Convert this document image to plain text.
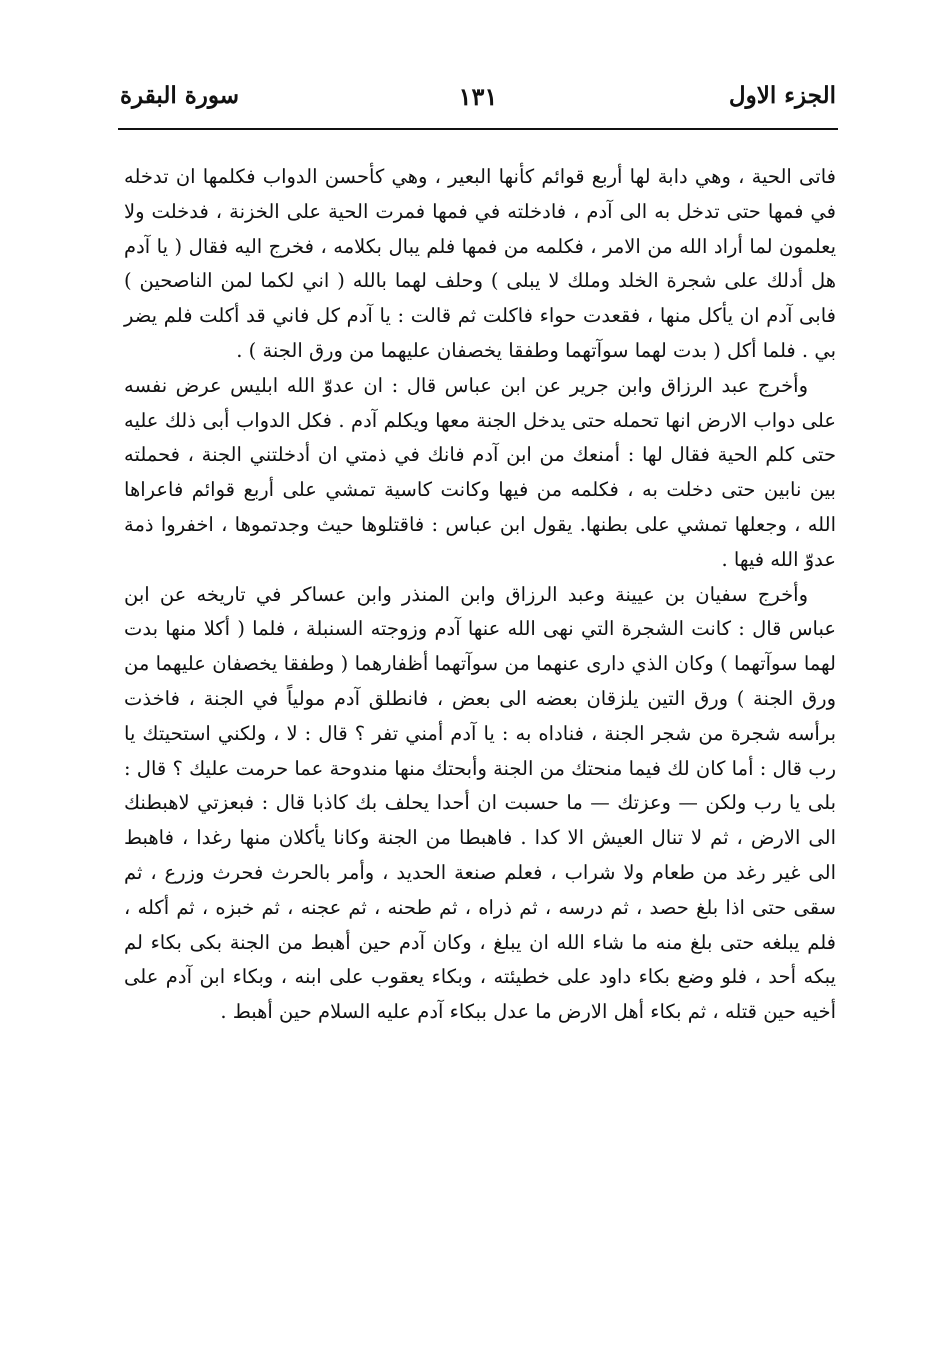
الجزء الاول
١٣١
سورة البقرة

فاتى الحية ، وهي دابة لها أربع قوائم كأنها البعير ، وهي كأحسن الدواب فكلمها ان تدخله في فمها حتى تدخل به الى آدم ، فادخلته في فمها فمرت الحية على الخزنة ، فدخلت ولا يعلمون لما أراد الله من الامر ، فكلمه من فمها فلم يبال بكلامه ، فخرج اليه فقال ( يا آدم هل أدلك على شجرة الخلد وملك لا يبلى ) وحلف لهما بالله ( اني لكما لمن الناصحين ) فابى آدم ان يأكل منها ، فقعدت حواء فاكلت ثم قالت : يا آدم كل فاني قد أكلت فلم يضر بي . فلما أكل ( بدت لهما سوآتهما وطفقا يخصفان عليهما من ورق الجنة ) .

وأخرج عبد الرزاق وابن جرير عن ابن عباس قال : ان عدوّ الله ابليس عرض نفسه على دواب الارض انها تحمله حتى يدخل الجنة معها ويكلم آدم . فكل الدواب أبى ذلك عليه حتى كلم الحية فقال لها : أمنعك من ابن آدم فانك في ذمتي ان أدخلتني الجنة ، فحملته بين نابين حتى دخلت به ، فكلمه من فيها وكانت كاسية تمشي على أربع قوائم فاعراها الله ، وجعلها تمشي على بطنها. يقول ابن عباس : فاقتلوها حيث وجدتموها ، اخفروا ذمة عدوّ الله فيها .

وأخرج سفيان بن عيينة وعبد الرزاق وابن المنذر وابن عساكر في تاريخه عن ابن عباس قال : كانت الشجرة التي نهى الله عنها آدم وزوجته السنبلة ، فلما ( أكلا منها بدت لهما سوآتهما ) وكان الذي دارى عنهما من سوآتهما أظفارهما ( وطفقا يخصفان عليهما من ورق الجنة ) ورق التين يلزقان بعضه الى بعض ، فانطلق آدم مولياً في الجنة ، فاخذت برأسه شجرة من شجر الجنة ، فناداه به : يا آدم أمني تفر ؟ قال : لا ، ولكني استحيتك يا رب قال : أما كان لك فيما منحتك من الجنة وأبحتك منها مندوحة عما حرمت عليك ؟ قال : بلى يا رب ولكن — وعزتك — ما حسبت ان أحدا يحلف بك كاذبا قال : فبعزتي لاهبطنك الى الارض ، ثم لا تنال العيش الا كدا . فاهبطا من الجنة وكانا يأكلان منها رغدا ، فاهبط الى غير رغد من طعام ولا شراب ، فعلم صنعة الحديد ، وأمر بالحرث فحرث وزرع ، ثم سقى حتى اذا بلغ حصد ، ثم درسه ، ثم ذراه ، ثم طحنه ، ثم عجنه ، ثم خبزه ، ثم أكله ، فلم يبلغه حتى بلغ منه ما شاء الله ان يبلغ ، وكان آدم حين أهبط من الجنة بكى بكاء لم يبكه أحد ، فلو وضع بكاء داود على خطيئته ، وبكاء يعقوب على ابنه ، وبكاء ابن آدم على أخيه حين قتله ، ثم بكاء أهل الارض ما عدل ببكاء آدم عليه السلام حين أهبط .
